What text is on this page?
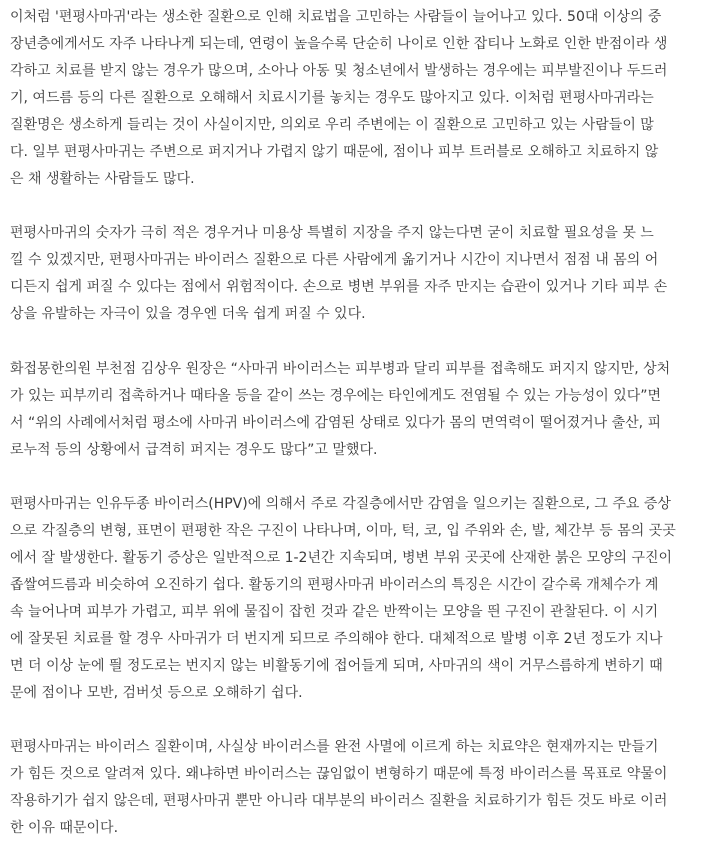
이처럼 '편평사마귀'라는 생소한 질환으로 인해 치료법을 고민하는 사람들이 늘어나고 있다. 50대 이상의 중
장년층에게서도 자주 나타나게 되는데, 연령이 높을수록 단순히 나이로 인한 잡티나 노화로 인한 반점이라 생
각하고 치료를 받지 않는 경우가 많으며, 소아나 아동 및 청소년에서 발생하는 경우에는 피부발진이나 두드러
기, 여드름 등의 다른 질환으로 오해해서 치료시기를 놓치는 경우도 많아지고 있다. 이처럼 편평사마귀라는
질환명은 생소하게 들리는 것이 사실이지만, 의외로 우리 주변에는 이 질환으로 고민하고 있는 사람들이 많
다. 일부 편평사마귀는 주변으로 퍼지거나 가렵지 않기 때문에, 점이나 피부 트러블로 오해하고 치료하지 않
은 채 생활하는 사람들도 많다.

편평사마귀의 숫자가 극히 적은 경우거나 미용상 특별히 지장을 주지 않는다면 굳이 치료할 필요성을 못 느
낄 수 있겠지만, 편평사마귀는 바이러스 질환으로 다른 사람에게 옮기거나 시간이 지나면서 점점 내 몸의 어
디든지 쉽게 퍼질 수 있다는 점에서 위험적이다. 손으로 병변 부위를 자주 만지는 습관이 있거나 기타 피부 손
상을 유발하는 자극이 있을 경우엔 더욱 쉽게 퍼질 수 있다.

화접몽한의원 부천점 김상우 원장은 “사마귀 바이러스는 피부병과 달리 피부를 접촉해도 퍼지지 않지만, 상처
가 있는 피부끼리 접촉하거나 때타올 등을 같이 쓰는 경우에는 타인에게도 전염될 수 있는 가능성이 있다”면
서 “위의 사례에서처럼 평소에 사마귀 바이러스에 감염된 상태로 있다가 몸의 면역력이 떨어졌거나 출산, 피
로누적 등의 상황에서 급격히 퍼지는 경우도 많다”고 말했다.

편평사마귀는 인유두종 바이러스(HPV)에 의해서 주로 각질층에서만 감염을 일으키는 질환으로, 그 주요 증상
으로 각질층의 변형, 표면이 편평한 작은 구진이 나타나며, 이마, 턱, 코, 입 주위와 손, 발, 체간부 등 몸의 곳곳
에서 잘 발생한다. 활동기 증상은 일반적으로 1-2년간 지속되며, 병변 부위 곳곳에 산재한 붉은 모양의 구진이
좁쌀여드름과 비슷하여 오진하기 쉽다. 활동기의 편평사마귀 바이러스의 특징은 시간이 갈수록 개체수가 계
속 늘어나며 피부가 가렵고, 피부 위에 물집이 잡힌 것과 같은 반짝이는 모양을 띈 구진이 관찰된다. 이 시기
에 잘못된 치료를 할 경우 사마귀가 더 번지게 되므로 주의해야 한다. 대체적으로 발병 이후 2년 정도가 지나
면 더 이상 눈에 띌 정도로는 번지지 않는 비활동기에 접어들게 되며, 사마귀의 색이 거무스름하게 변하기 때
문에 점이나 모반, 검버섯 등으로 오해하기 쉽다.

편평사마귀는 바이러스 질환이며, 사실상 바이러스를 완전 사멸에 이르게 하는 치료약은 현재까지는 만들기
가 힘든 것으로 알려져 있다. 왜냐하면 바이러스는 끊임없이 변형하기 때문에 특정 바이러스를 목표로 약물이
작용하기가 쉽지 않은데, 편평사마귀 뿐만 아니라 대부분의 바이러스 질환을 치료하기가 힘든 것도 바로 이러
한 이유 때문이다.
